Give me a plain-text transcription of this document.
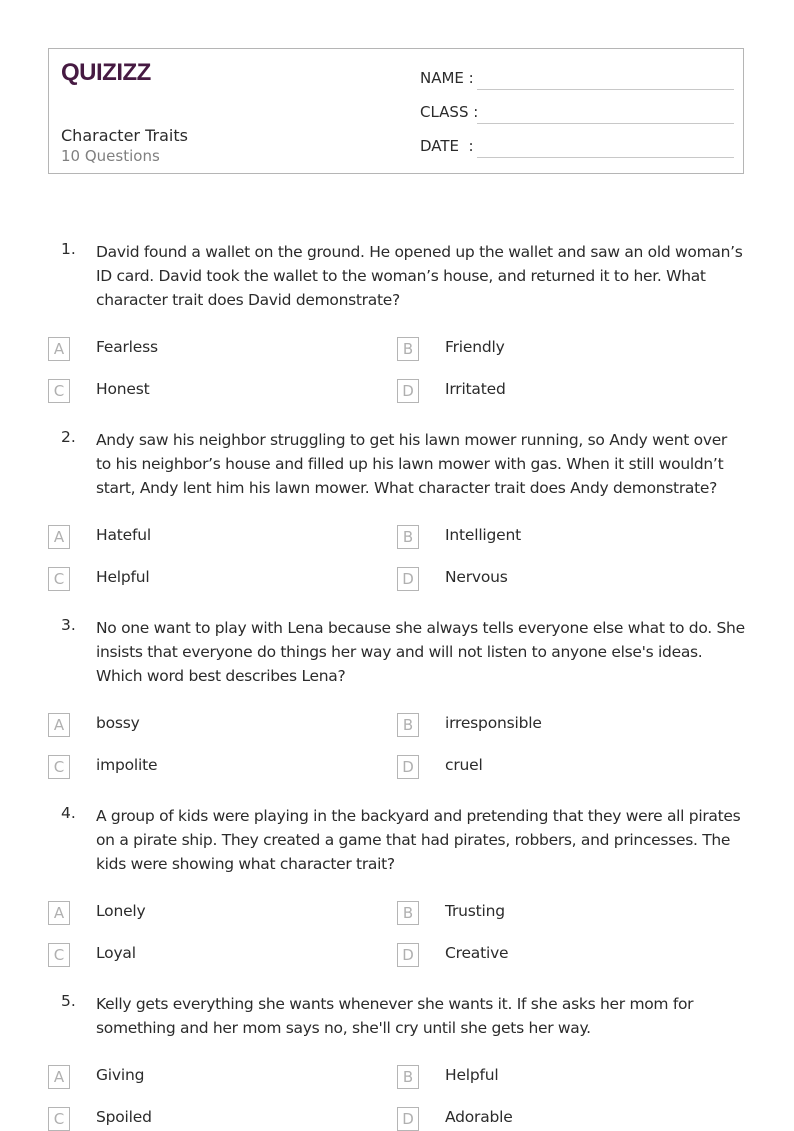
QUIZIZZ
Character Traits
10 Questions
NAME :
CLASS :
DATE  :
1. David found a wallet on the ground. He opened up the wallet and saw an old woman’s ID card. David took the wallet to the woman’s house, and returned it to her. What character trait does David demonstrate?
A	Fearless	B	Friendly
C	Honest	D	Irritated
2. Andy saw his neighbor struggling to get his lawn mower running, so Andy went over to his neighbor’s house and filled up his lawn mower with gas. When it still wouldn’t start, Andy lent him his lawn mower. What character trait does Andy demonstrate?
A	Hateful	B	Intelligent
C	Helpful	D	Nervous
3. No one want to play with Lena because she always tells everyone else what to do. She insists that everyone do things her way and will not listen to anyone else's ideas. Which word best describes Lena?
A	bossy	B	irresponsible
C	impolite	D	cruel
4. A group of kids were playing in the backyard and pretending that they were all pirates on a pirate ship. They created a game that had pirates, robbers, and princesses. The kids were showing what character trait?
A	Lonely	B	Trusting
C	Loyal	D	Creative
5. Kelly gets everything she wants whenever she wants it. If she asks her mom for something and her mom says no, she'll cry until she gets her way.
A	Giving	B	Helpful
C	Spoiled	D	Adorable
